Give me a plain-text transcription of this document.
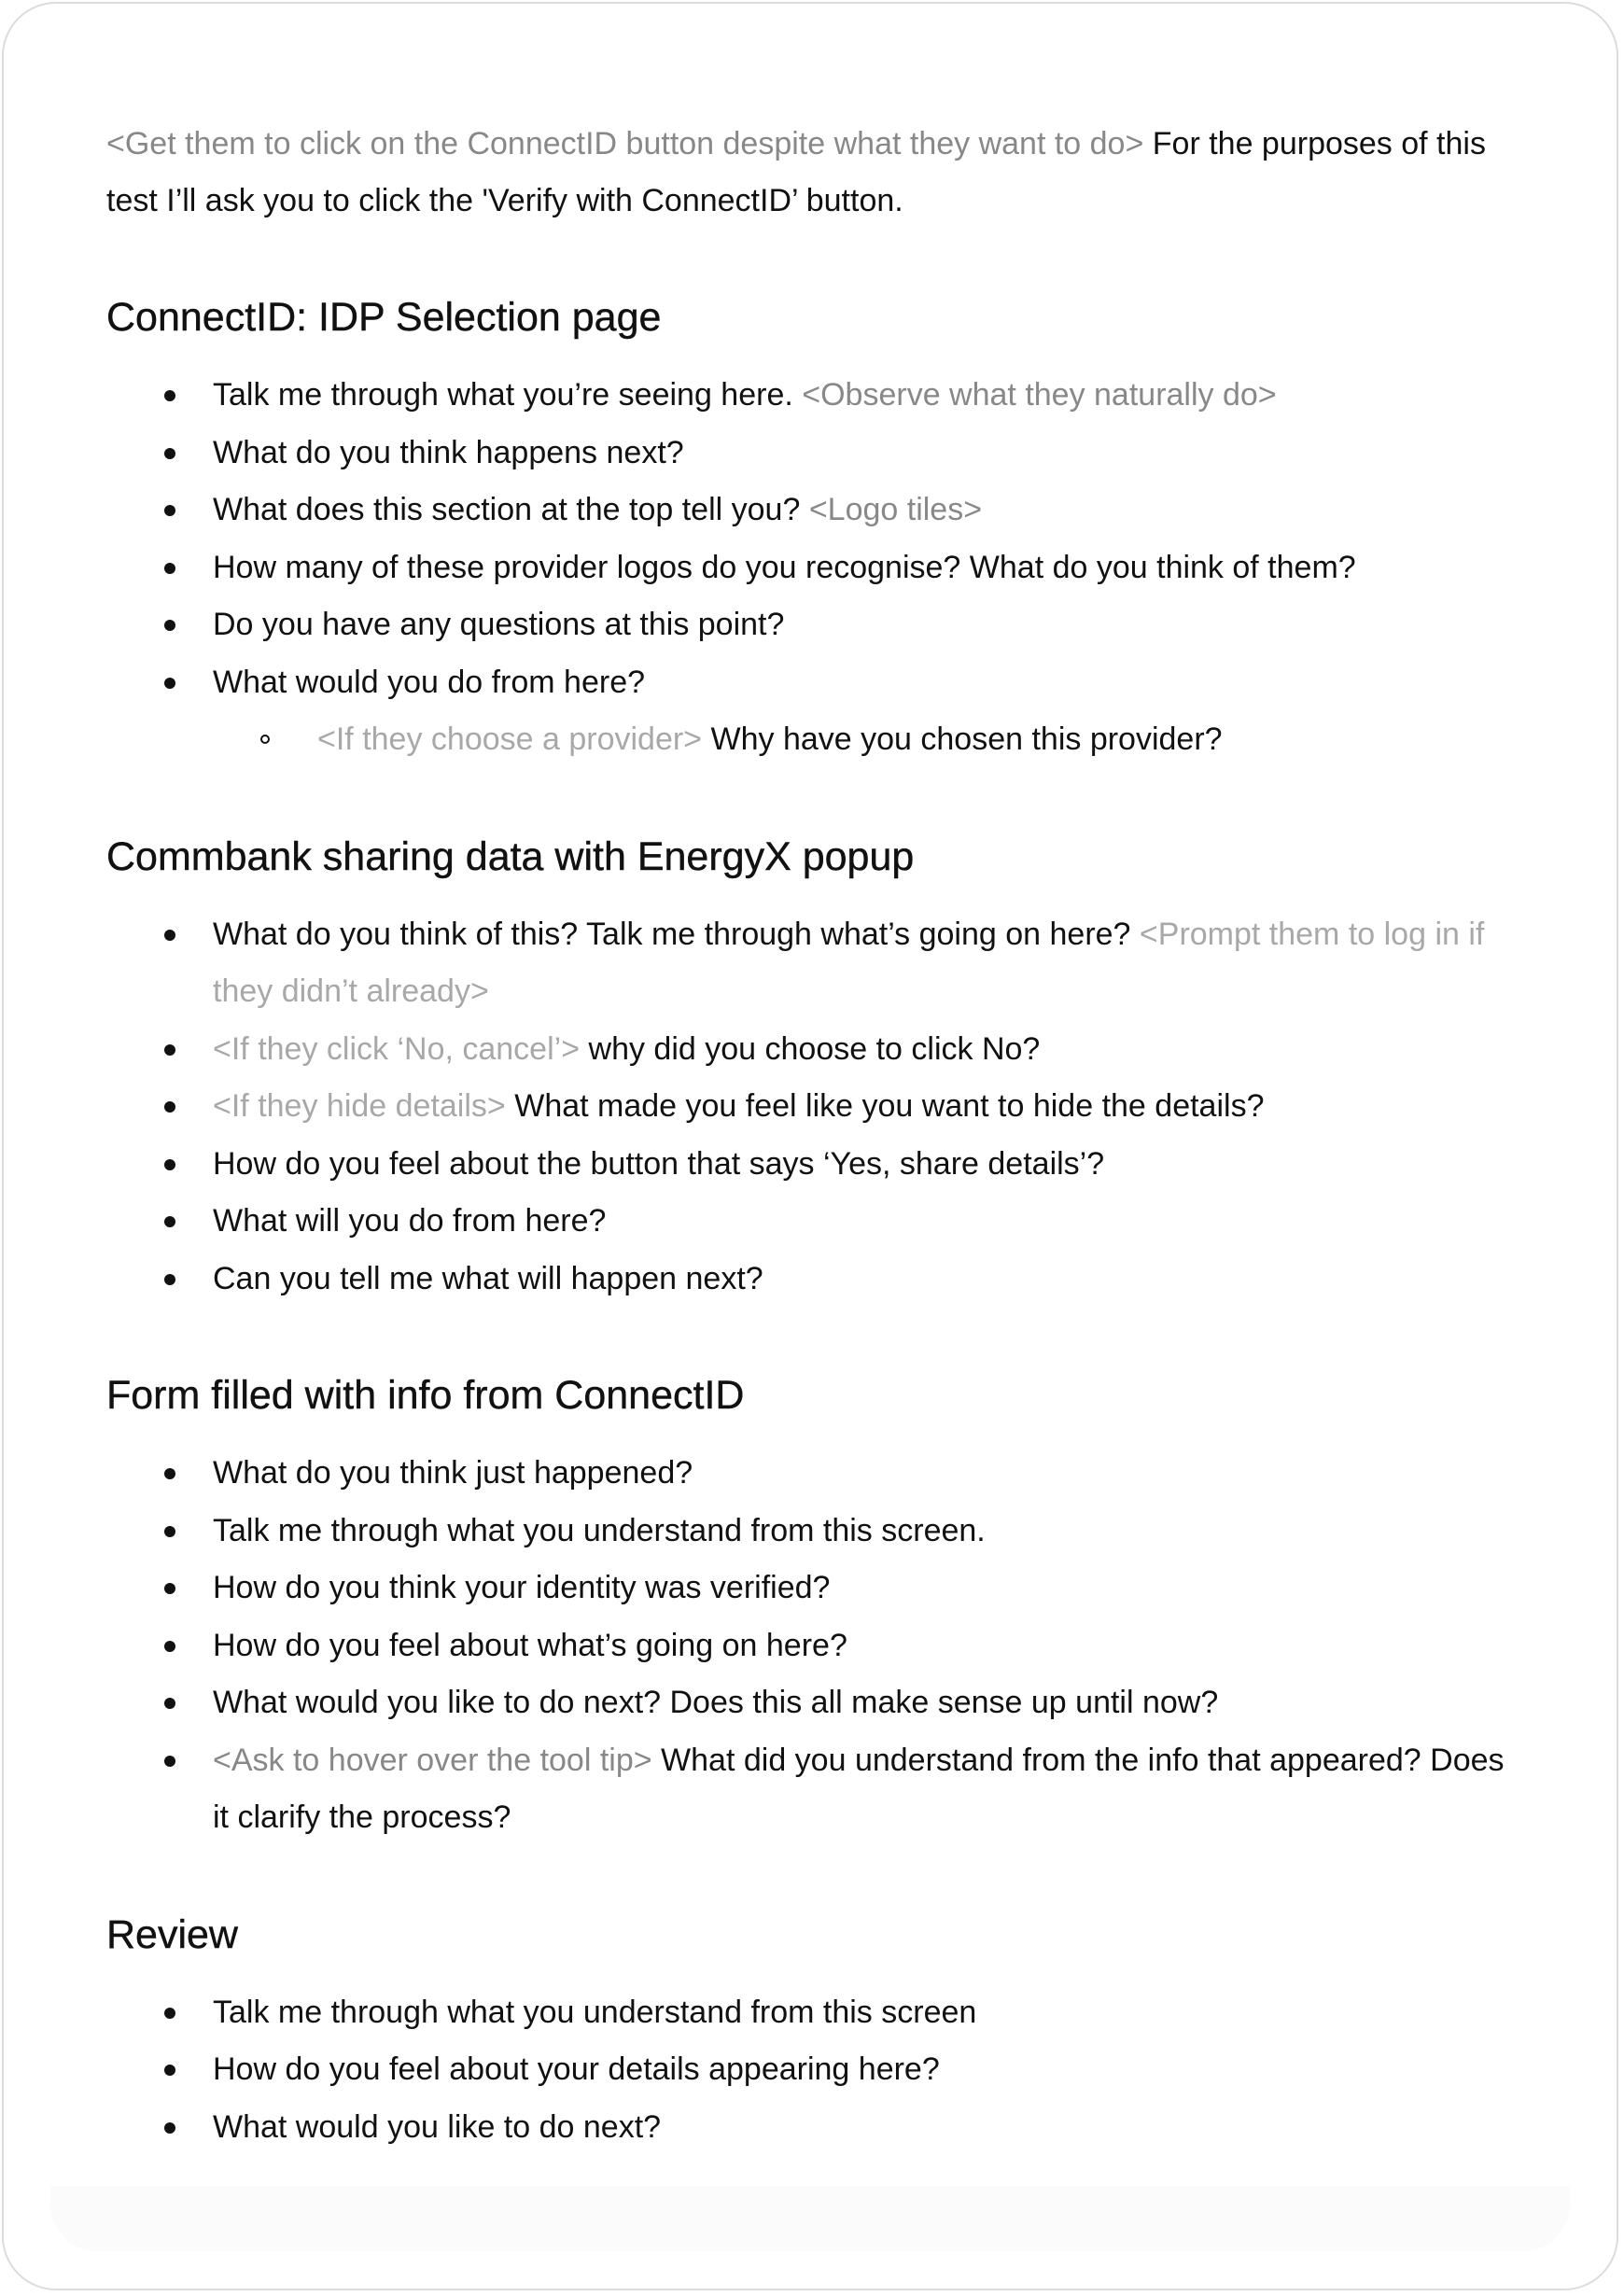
<Get them to click on the ConnectID button despite what they want to do> For the purposes of this test I’ll ask you to click the 'Verify with ConnectID’ button.

ConnectID: IDP Selection page
Talk me through what you’re seeing here. <Observe what they naturally do>
What do you think happens next?
What does this section at the top tell you? <Logo tiles>
How many of these provider logos do you recognise? What do you think of them?
Do you have any questions at this point?
What would you do from here?
<If they choose a provider> Why have you chosen this provider?
Commbank sharing data with EnergyX popup
What do you think of this? Talk me through what’s going on here? <Prompt them to log in if they didn’t already>
<If they click ‘No, cancel’> why did you choose to click No?
<If they hide details> What made you feel like you want to hide the details?
How do you feel about the button that says ‘Yes, share details’?
What will you do from here?
Can you tell me what will happen next?
Form filled with info from ConnectID
What do you think just happened?
Talk me through what you understand from this screen.
How do you think your identity was verified?
How do you feel about what’s going on here?
What would you like to do next? Does this all make sense up until now?
<Ask to hover over the tool tip> What did you understand from the info that appeared? Does it clarify the process?
Review
Talk me through what you understand from this screen
How do you feel about your details appearing here?
What would you like to do next?
